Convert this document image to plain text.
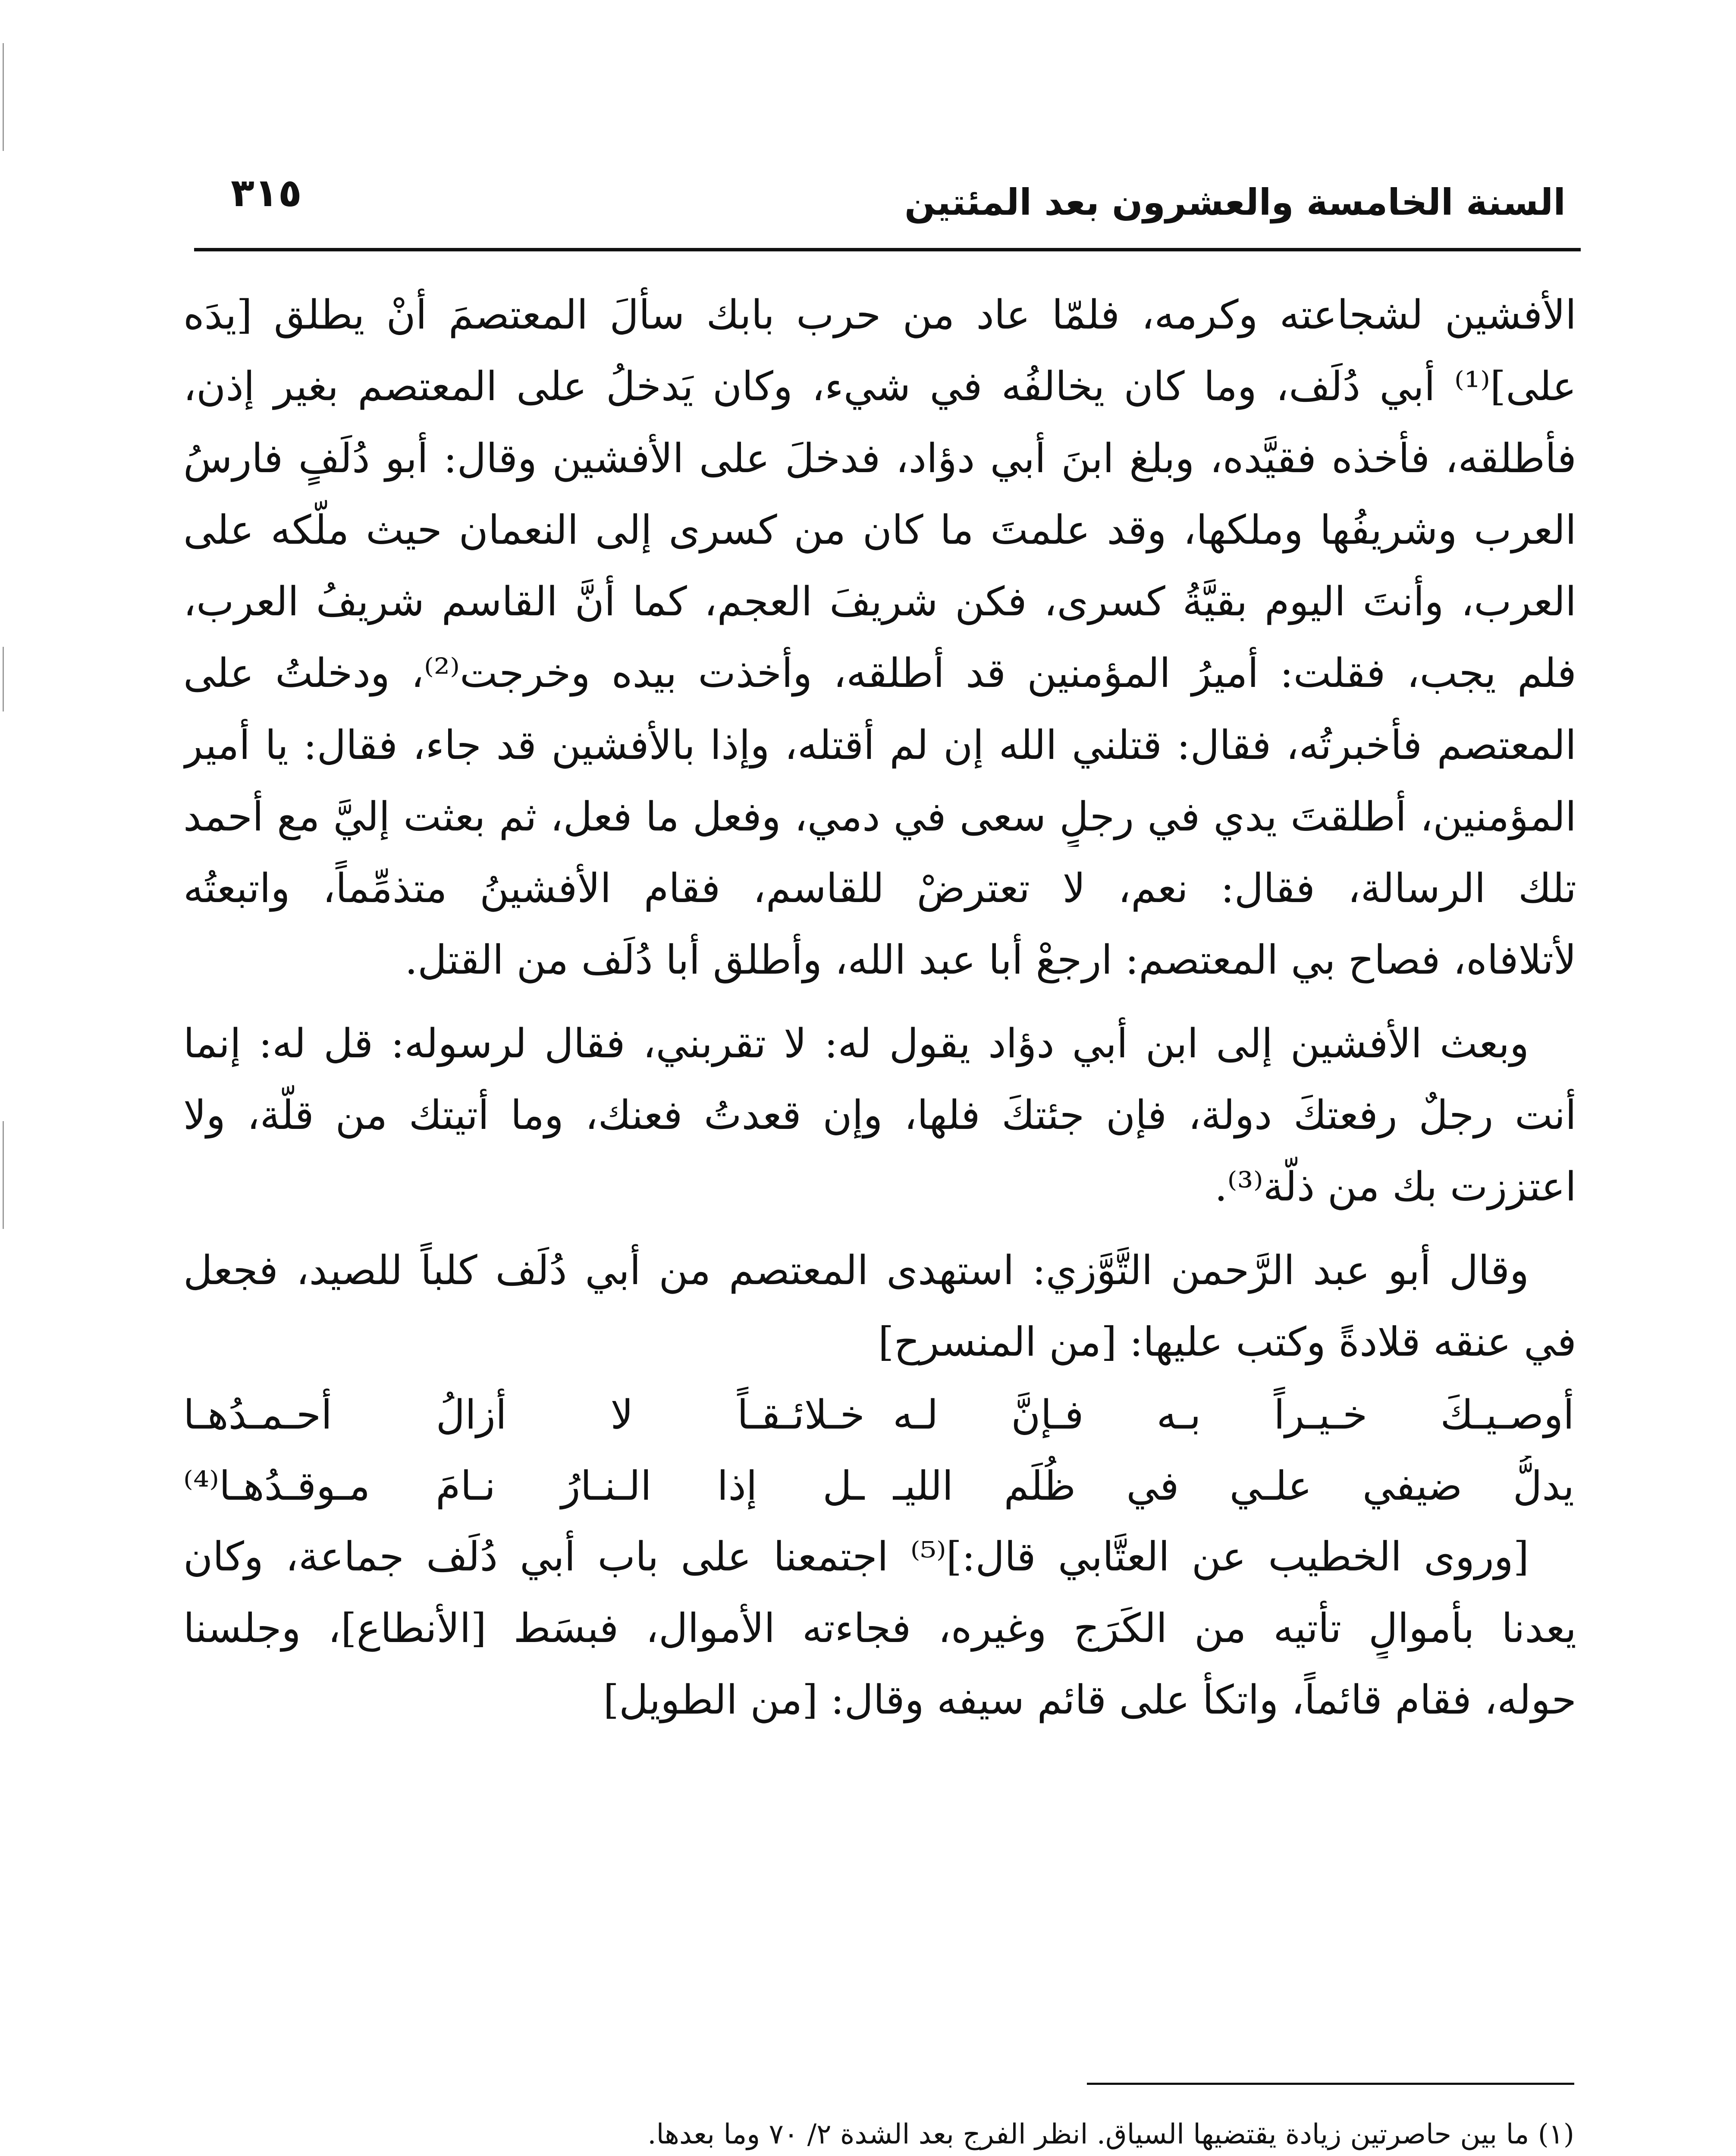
السنة الخامسة والعشرون بعد المئتين
٣١٥
الأفشين لشجاعته وكرمه، فلمّا عاد من حرب بابك سألَ المعتصمَ أنْ يطلق [يدَه
على]⁽¹⁾ أبي دُلَف، وما كان يخالفُه في شيء، وكان يَدخلُ على المعتصم بغير إذن،
فأطلقه، فأخذه فقيَّده، وبلغ ابنَ أبي دؤاد، فدخلَ على الأفشين وقال: أبو دُلَفٍ فارسُ
العرب وشريفُها وملكها، وقد علمتَ ما كان من كسرى إلى النعمان حيث ملَّكه على
العرب، وأنتَ اليوم بقيَّةُ كسرى، فكن شريفَ العجم، كما أنَّ القاسم شريفُ العرب،
فلم يجب، فقلت: أميرُ المؤمنين قد أطلقه، وأخذت بيده وخرجت⁽²⁾، ودخلتُ على
المعتصم فأخبرتُه، فقال: قتلني الله إن لم أقتله، وإذا بالأفشين قد جاء، فقال: يا أمير
المؤمنين، أطلقتَ يدي في رجلٍ سعى في دمي، وفعل ما فعل، ثم بعثت إليَّ مع أحمد
تلك الرسالة، فقال: نعم، لا تعترضْ للقاسم، فقام الأفشينُ متذمِّماً، واتبعتُه
لأتلافاه، فصاح بي المعتصم: ارجعْ أبا عبد الله، وأطلق أبا دُلَف من القتل.
وبعث الأفشين إلى ابن أبي دؤاد يقول له: لا تقربني، فقال لرسوله: قل له: إنما
أنت رجلٌ رفعتكَ دولة، فإن جئتكَ فلها، وإن قعدتُ فعنك، وما أتيتك من قلَّة، ولا
اعتززت بك من ذلَّة⁽³⁾.
وقال أبو عبد الرَّحمن التَّوَّزي: استهدى المعتصم من أبي دُلَف كلباً للصيد، فجعل
في عنقه قلادةً وكتب عليها: [من المنسرح]
أوصـيـكَ خـيـراً بـه فـإنَّ لـه
خـلائـقـاً لا أزالُ أحـمـدُهـا
يدلُّ ضيفي علـي في ظُلَم الليـ
ـل إذا الـنـارُ نـامَ مـوقـدُهـا⁽⁴⁾
[وروى الخطيب عن العتَّابي قال:]⁽⁵⁾ اجتمعنا على باب أبي دُلَف جماعة، وكان
يعدنا بأموالٍ تأتيه من الكَرَج وغيره، فجاءته الأموال، فبسَط [الأنطاع]، وجلسنا
حوله، فقام قائماً، واتكأ على قائم سيفه وقال: [من الطويل]
(١) ما بين حاصرتين زيادة يقتضيها السياق. انظر الفرج بعد الشدة ٢/ ٧٠ وما بعدها.
